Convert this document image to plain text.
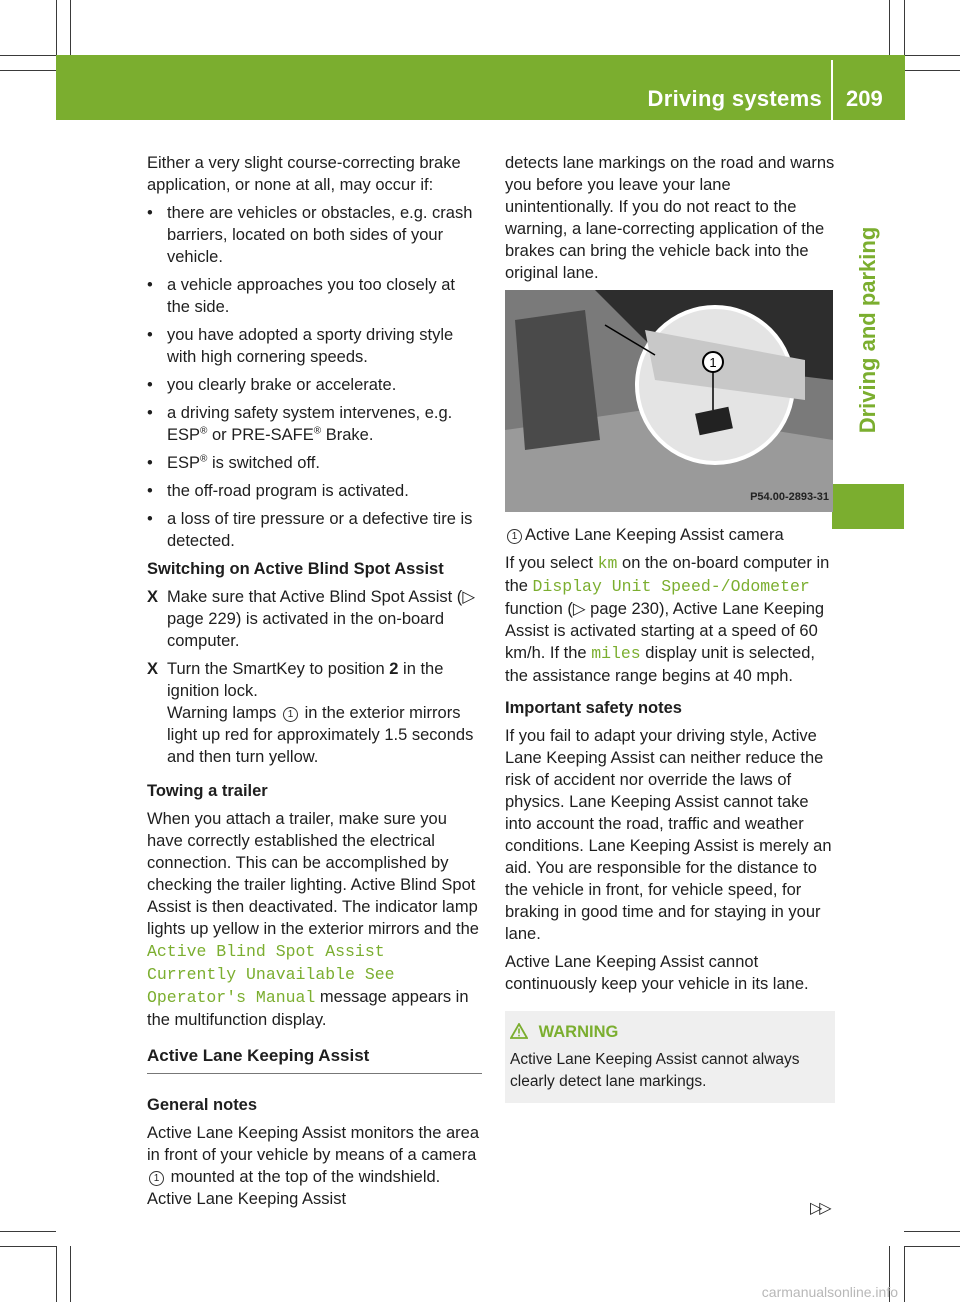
Driving systems 209
Driving and parking

Either a very slight course-correcting brake application, or none at all, may occur if:

• there are vehicles or obstacles, e.g. crash barriers, located on both sides of your vehicle.
• a vehicle approaches you too closely at the side.
• you have adopted a sporty driving style with high cornering speeds.
• you clearly brake or accelerate.
• a driving safety system intervenes, e.g.
ESP® or PRE-SAFE® Brake.
• ESP® is switched off.
• the off-road program is activated.
• a loss of tire pressure or a defective tire is detected.
Switching on Active Blind Spot Assist
X Make sure that Active Blind Spot Assist (▷ page 229) is activated in the on-board computer.
X Turn the SmartKey to position 2 in the ignition lock.
Warning lamps 1 in the exterior mirrors light up red for approximately 1.5 seconds and then turn yellow.
Towing a trailer

When you attach a trailer, make sure you have correctly established the electrical connection. This can be accomplished by checking the trailer lighting. Active Blind Spot Assist is then deactivated. The indicator lamp lights up yellow in the exterior mirrors and the Active Blind Spot Assist Currently Unavailable See Operator's Manual message appears in the multifunction display.

Active Lane Keeping Assist
General notes

Active Lane Keeping Assist monitors the area in front of your vehicle by means of a camera 1 mounted at the top of the windshield. Active Lane Keeping Assist

detects lane markings on the road and warns you before you leave your lane unintentionally. If you do not react to the warning, a lane-correcting application of the brakes can bring the vehicle back into the original lane.

1
P54.00-2893-31
1 Active Lane Keeping Assist camera

If you select km on the on-board computer in the Display Unit Speed-/Odometer function (▷ page 230), Active Lane Keeping Assist is activated starting at a speed of 60 km/h. If the miles display unit is selected, the assistance range begins at 40 mph.

Important safety notes

If you fail to adapt your driving style, Active Lane Keeping Assist can neither reduce the risk of accident nor override the laws of physics. Lane Keeping Assist cannot take into account the road, traffic and weather conditions. Lane Keeping Assist is merely an aid. You are responsible for the distance to the vehicle in front, for vehicle speed, for braking in good time and for staying in your lane.

Active Lane Keeping Assist cannot continuously keep your vehicle in its lane.

WARNING
Active Lane Keeping Assist cannot always clearly detect lane markings.
▷▷
carmanualsonline.info
